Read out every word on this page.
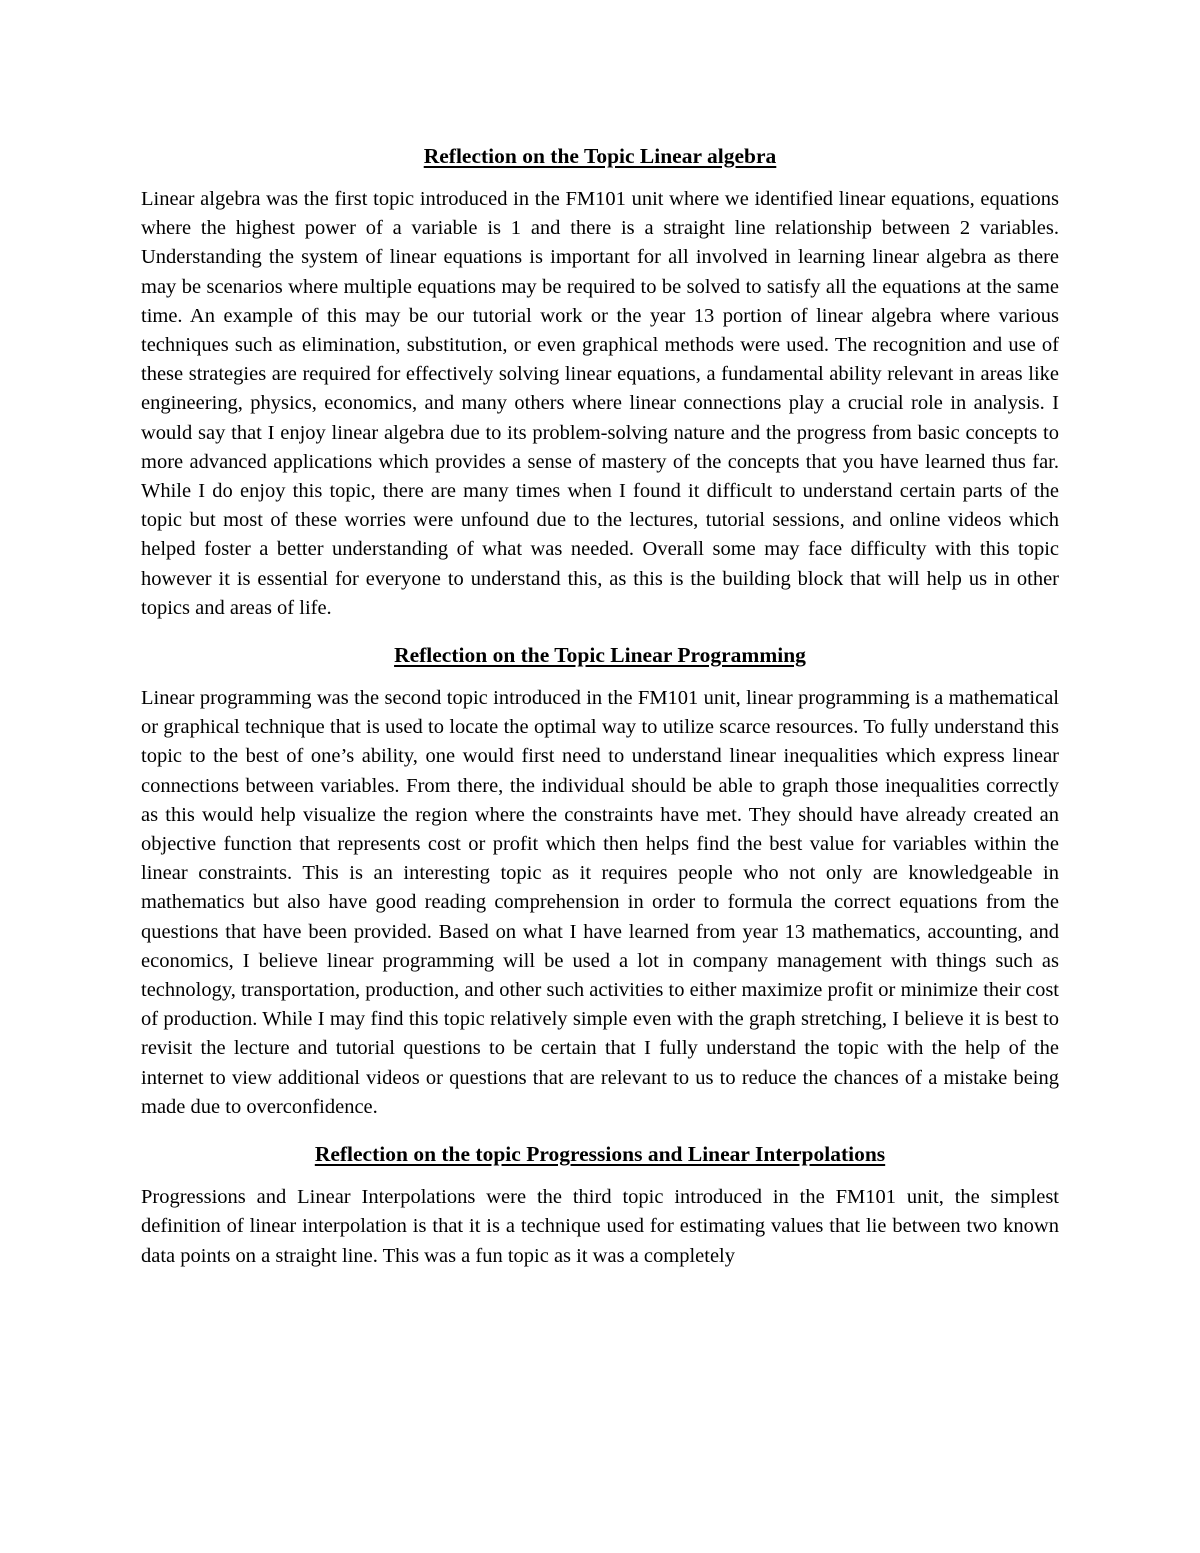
Reflection on the Topic Linear algebra
Linear algebra was the first topic introduced in the FM101 unit where we identified linear equations, equations where the highest power of a variable is 1 and there is a straight line relationship between 2 variables. Understanding the system of linear equations is important for all involved in learning linear algebra as there may be scenarios where multiple equations may be required to be solved to satisfy all the equations at the same time. An example of this may be our tutorial work or the year 13 portion of linear algebra where various techniques such as elimination, substitution, or even graphical methods were used. The recognition and use of these strategies are required for effectively solving linear equations, a fundamental ability relevant in areas like engineering, physics, economics, and many others where linear connections play a crucial role in analysis. I would say that I enjoy linear algebra due to its problem-solving nature and the progress from basic concepts to more advanced applications which provides a sense of mastery of the concepts that you have learned thus far. While I do enjoy this topic, there are many times when I found it difficult to understand certain parts of the topic but most of these worries were unfound due to the lectures, tutorial sessions, and online videos which helped foster a better understanding of what was needed. Overall some may face difficulty with this topic however it is essential for everyone to understand this, as this is the building block that will help us in other topics and areas of life.
Reflection on the Topic Linear Programming
Linear programming was the second topic introduced in the FM101 unit, linear programming is a mathematical or graphical technique that is used to locate the optimal way to utilize scarce resources. To fully understand this topic to the best of one’s ability, one would first need to understand linear inequalities which express linear connections between variables. From there, the individual should be able to graph those inequalities correctly as this would help visualize the region where the constraints have met. They should have already created an objective function that represents cost or profit which then helps find the best value for variables within the linear constraints. This is an interesting topic as it requires people who not only are knowledgeable in mathematics but also have good reading comprehension in order to formula the correct equations from the questions that have been provided. Based on what I have learned from year 13 mathematics, accounting, and economics, I believe linear programming will be used a lot in company management with things such as technology, transportation, production, and other such activities to either maximize profit or minimize their cost of production. While I may find this topic relatively simple even with the graph stretching, I believe it is best to revisit the lecture and tutorial questions to be certain that I fully understand the topic with the help of the internet to view additional videos or questions that are relevant to us to reduce the chances of a mistake being made due to overconfidence.
Reflection on the topic Progressions and Linear Interpolations
Progressions and Linear Interpolations were the third topic introduced in the FM101 unit, the simplest definition of linear interpolation is that it is a technique used for estimating values that lie between two known data points on a straight line. This was a fun topic as it was a completely
